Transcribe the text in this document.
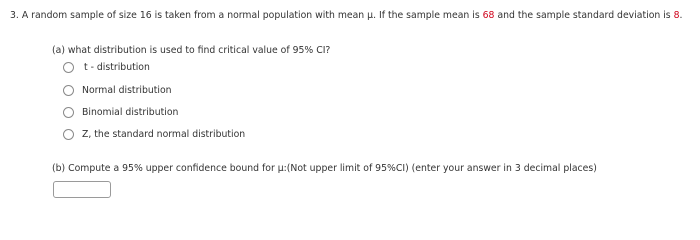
3. A random sample of size 16 is taken from a normal population with mean μ. If the sample mean is 68 and the sample standard deviation is 8.
(a) what distribution is used to find critical value of 95% CI?
t - distribution
Normal distribution
Binomial distribution
Z, the standard normal distribution
(b) Compute a 95% upper confidence bound for μ:(Not upper limit of 95%CI) (enter your answer in 3 decimal places)
